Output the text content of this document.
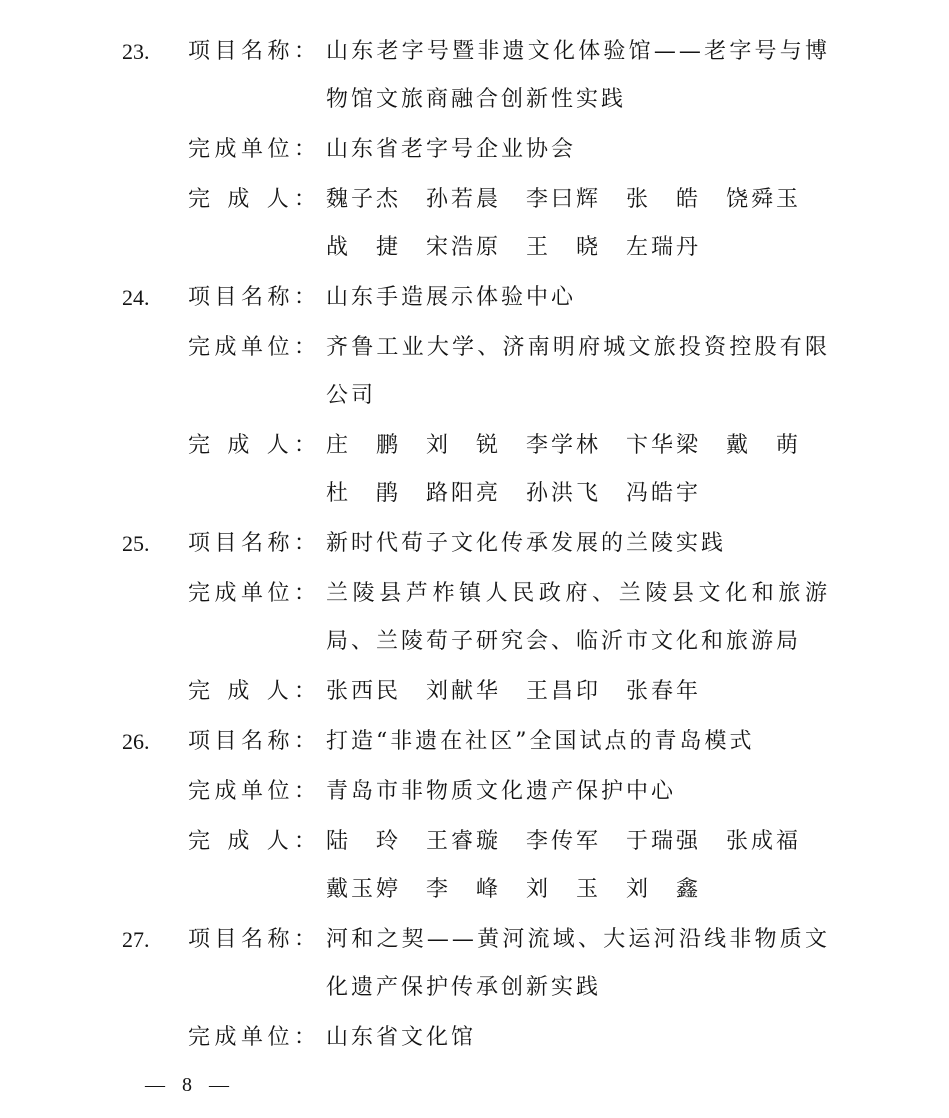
23.	项目名称： 山东老字号暨非遗文化体验馆——老字号与博
物馆文旅商融合创新性实践
完成单位： 山东省老字号企业协会
完 成 人： 魏子杰 孙若晨 李曰辉 张 皓 饶舜玉
战 捷 宋浩原 王 晓 左瑞丹
24.	项目名称： 山东手造展示体验中心
完成单位： 齐鲁工业大学、济南明府城文旅投资控股有限
公司
完 成 人： 庄 鹏 刘 锐 李学林 卞华梁 戴 萌
杜 鹃 路阳亮 孙洪飞 冯皓宇
25.	项目名称： 新时代荀子文化传承发展的兰陵实践
完成单位： 兰陵县芦柞镇人民政府、兰陵县文化和旅游
局、兰陵荀子研究会、临沂市文化和旅游局
完 成 人： 张西民 刘献华 王昌印 张春年
26.	项目名称： 打造“非遗在社区”全国试点的青岛模式
完成单位： 青岛市非物质文化遗产保护中心
完 成 人： 陆 玲 王睿璇 李传军 于瑞强 张成福
戴玉婷 李 峰 刘 玉 刘 鑫
27.	项目名称： 河和之契——黄河流域、大运河沿线非物质文
化遗产保护传承创新实践
完成单位： 山东省文化馆
— 8 —
